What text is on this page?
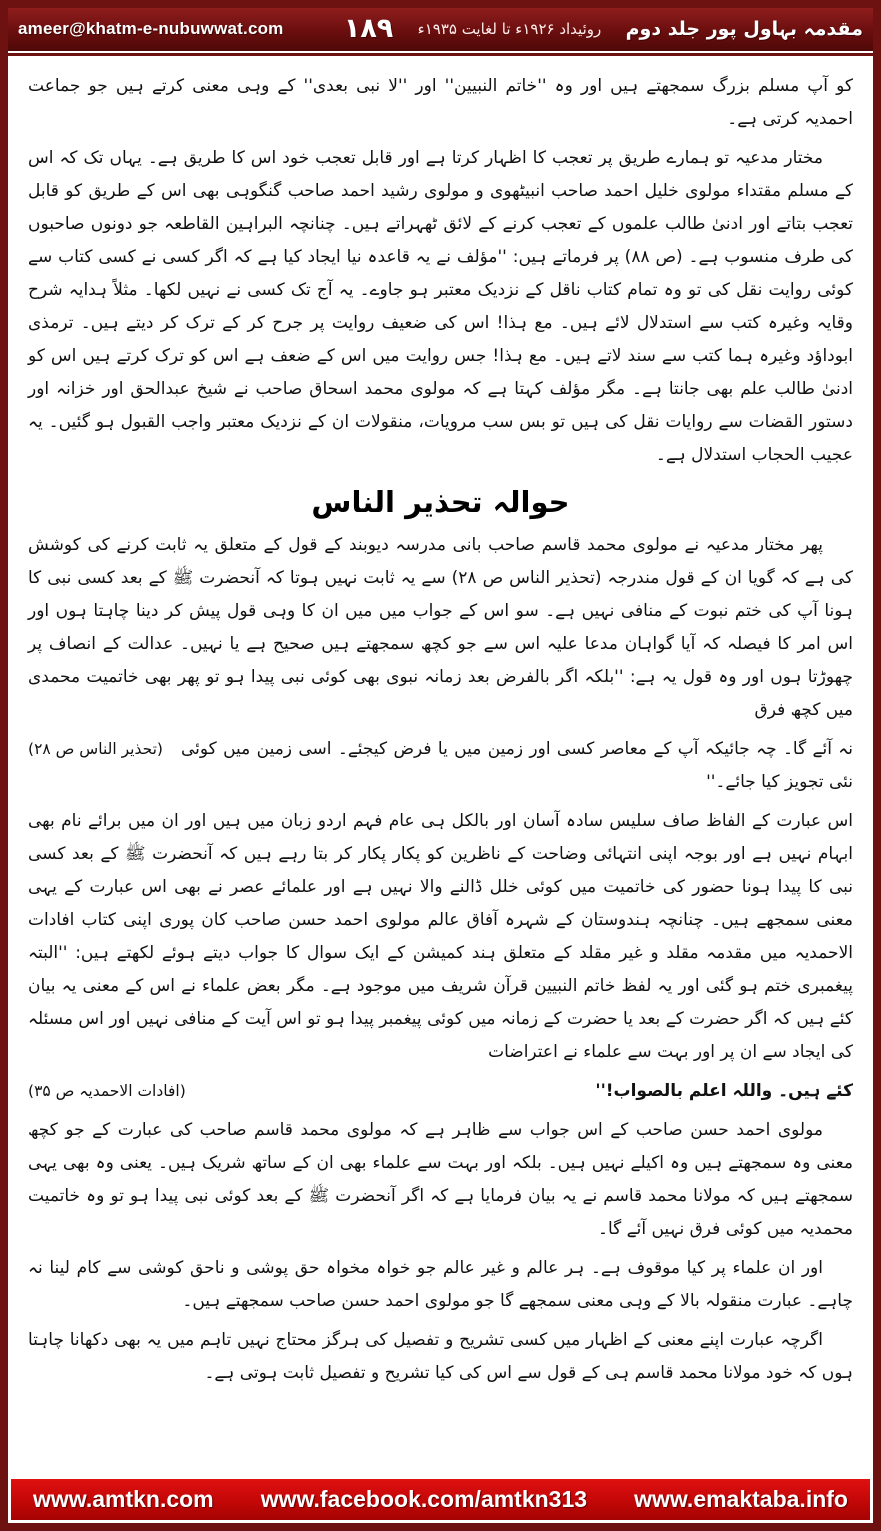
ameer@khatm-e-nubuwwat.com ۱۸۹ روئیداد ۱۹۲۶ء تا لغایت ۱۹۳۵ء مقدمہ بہاول پور جلد دوم

کو آپ مسلم بزرگ سمجھتے ہیں اور وہ ''خاتم النبیین'' اور ''لا نبی بعدی'' کے وہی معنی کرتے ہیں جو جماعت احمدیہ کرتی ہے۔

مختار مدعیہ تو ہمارے طریق پر تعجب کا اظہار کرتا ہے اور قابل تعجب خود اس کا طریق ہے۔ یہاں تک کہ اس کے مسلم مقتداء مولوی خلیل احمد صاحب انبیٹھوی و مولوی رشید احمد صاحب گنگوہی بھی اس کے طریق کو قابل تعجب بتاتے اور ادنیٰ طالب علموں کے تعجب کرنے کے لائق ٹھہراتے ہیں۔ چنانچہ البراہین القاطعہ جو دونوں صاحبوں کی طرف منسوب ہے۔ (ص ۸۸) پر فرماتے ہیں: ''مؤلف نے یہ قاعدہ نیا ایجاد کیا ہے کہ اگر کسی نے کسی کتاب سے کوئی روایت نقل کی تو وہ تمام کتاب ناقل کے نزدیک معتبر ہو جاوے۔ یہ آج تک کسی نے نہیں لکھا۔ مثلاً ہدایہ شرح وقایہ وغیرہ کتب سے استدلال لائے ہیں۔ مع ہذا! اس کی ضعیف روایت پر جرح کر کے ترک کر دیتے ہیں۔ ترمذی ابوداؤد وغیرہ ہما کتب سے سند لاتے ہیں۔ مع ہذا! جس روایت میں اس کے ضعف ہے اس کو ترک کرتے ہیں اس کو ادنیٰ طالب علم بھی جانتا ہے۔ مگر مؤلف کہتا ہے کہ مولوی محمد اسحاق صاحب نے شیخ عبدالحق اور خزانہ اور دستور القضات سے روایات نقل کی ہیں تو بس سب مرویات، منقولات ان کے نزدیک معتبر واجب القبول ہو گئیں۔ یہ عجیب الحجاب استدلال ہے۔

حوالہ تحذیر الناس

پھر مختار مدعیہ نے مولوی محمد قاسم صاحب بانی مدرسہ دیوبند کے قول کے متعلق یہ ثابت کرنے کی کوشش کی ہے کہ گویا ان کے قول مندرجہ (تحذیر الناس ص ۲۸) سے یہ ثابت نہیں ہوتا کہ آنحضرت ﷺ کے بعد کسی نبی کا ہونا آپ کی ختم نبوت کے منافی نہیں ہے۔ سو اس کے جواب میں میں ان کا وہی قول پیش کر دینا چاہتا ہوں اور اس امر کا فیصلہ کہ آیا گواہان مدعا علیہ اس سے جو کچھ سمجھتے ہیں صحیح ہے یا نہیں۔ عدالت کے انصاف پر چھوڑتا ہوں اور وہ قول یہ ہے: ''بلکہ اگر بالفرض بعد زمانہ نبوی بھی کوئی نبی پیدا ہو تو پھر بھی خاتمیت محمدی میں کچھ فرق

نہ آئے گا۔ چہ جائیکہ آپ کے معاصر کسی اور زمین میں یا فرض کیجئے۔ اسی زمین میں کوئی نئی تجویز کیا جائے۔''
(تحذیر الناس ص ۲۸)

اس عبارت کے الفاظ صاف سلیس سادہ آسان اور بالکل ہی عام فہم اردو زبان میں ہیں اور ان میں برائے نام بھی ابہام نہیں ہے اور بوجہ اپنی انتہائی وضاحت کے ناظرین کو پکار پکار کر بتا رہے ہیں کہ آنحضرت ﷺ کے بعد کسی نبی کا پیدا ہونا حضور کی خاتمیت میں کوئی خلل ڈالنے والا نہیں ہے اور علمائے عصر نے بھی اس عبارت کے یہی معنی سمجھے ہیں۔ چنانچہ ہندوستان کے شہرہ آفاق عالم مولوی احمد حسن صاحب کان پوری اپنی کتاب افادات الاحمدیہ میں مقدمہ مقلد و غیر مقلد کے متعلق ہند کمیشن کے ایک سوال کا جواب دیتے ہوئے لکھتے ہیں: ''البتہ پیغمبری ختم ہو گئی اور یہ لفظ خاتم النبیین قرآن شریف میں موجود ہے۔ مگر بعض علماء نے اس کے معنی یہ بیان کئے ہیں کہ اگر حضرت کے بعد یا حضرت کے زمانہ میں کوئی پیغمبر پیدا ہو تو اس آیت کے منافی نہیں اور اس مسئلہ کی ایجاد سے ان پر اور بہت سے علماء نے اعتراضات

کئے ہیں۔ واللہ اعلم بالصواب!''
(افادات الاحمدیہ ص ۳۵)

مولوی احمد حسن صاحب کے اس جواب سے ظاہر ہے کہ مولوی محمد قاسم صاحب کی عبارت کے جو کچھ معنی وہ سمجھتے ہیں وہ اکیلے نہیں ہیں۔ بلکہ اور بہت سے علماء بھی ان کے ساتھ شریک ہیں۔ یعنی وہ بھی یہی سمجھتے ہیں کہ مولانا محمد قاسم نے یہ بیان فرمایا ہے کہ اگر آنحضرت ﷺ کے بعد کوئی نبی پیدا ہو تو وہ خاتمیت محمدیہ میں کوئی فرق نہیں آئے گا۔

اور ان علماء پر کیا موقوف ہے۔ ہر عالم و غیر عالم جو خواہ مخواہ حق پوشی و ناحق کوشی سے کام لینا نہ چاہے۔ عبارت منقولہ بالا کے وہی معنی سمجھے گا جو مولوی احمد حسن صاحب سمجھتے ہیں۔

اگرچہ عبارت اپنے معنی کے اظہار میں کسی تشریح و تفصیل کی ہرگز محتاج نہیں تاہم میں یہ بھی دکھانا چاہتا ہوں کہ خود مولانا محمد قاسم ہی کے قول سے اس کی کیا تشریح و تفصیل ثابت ہوتی ہے۔

www.amtkn.com www.facebook.com/amtkn313 www.emaktaba.info
